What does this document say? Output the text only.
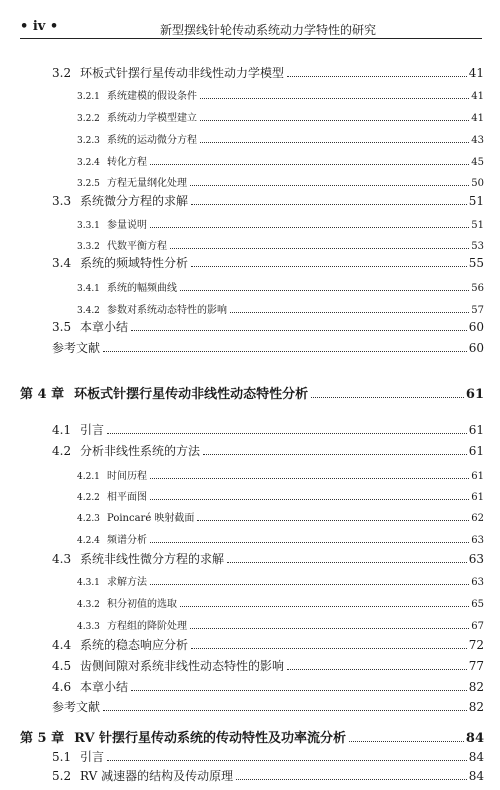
• iv •	新型摆线针轮传动系统动力学特性的研究
3.2 环板式针摆行星传动非线性动力学模型	41
3.2.1 系统建模的假设条件	41
3.2.2 系统动力学模型建立	41
3.2.3 系统的运动微分方程	43
3.2.4 转化方程	45
3.2.5 方程无量纲化处理	50
3.3 系统微分方程的求解	51
3.3.1 参量说明	51
3.3.2 代数平衡方程	53
3.4 系统的频域特性分析	55
3.4.1 系统的幅频曲线	56
3.4.2 参数对系统动态特性的影响	57
3.5 本章小结	60
参考文献	60
第 4 章 环板式针摆行星传动非线性动态特性分析	61
4.1 引言	61
4.2 分析非线性系统的方法	61
4.2.1 时间历程	61
4.2.2 相平面图	61
4.2.3 Poincaré 映射截面	62
4.2.4 频谱分析	63
4.3 系统非线性微分方程的求解	63
4.3.1 求解方法	63
4.3.2 积分初值的选取	65
4.3.3 方程组的降阶处理	67
4.4 系统的稳态响应分析	72
4.5 齿侧间隙对系统非线性动态特性的影响	77
4.6 本章小结	82
参考文献	82
第 5 章 RV 针摆行星传动系统的传动特性及功率流分析	84
5.1 引言	84
5.2 RV 减速器的结构及传动原理	84
